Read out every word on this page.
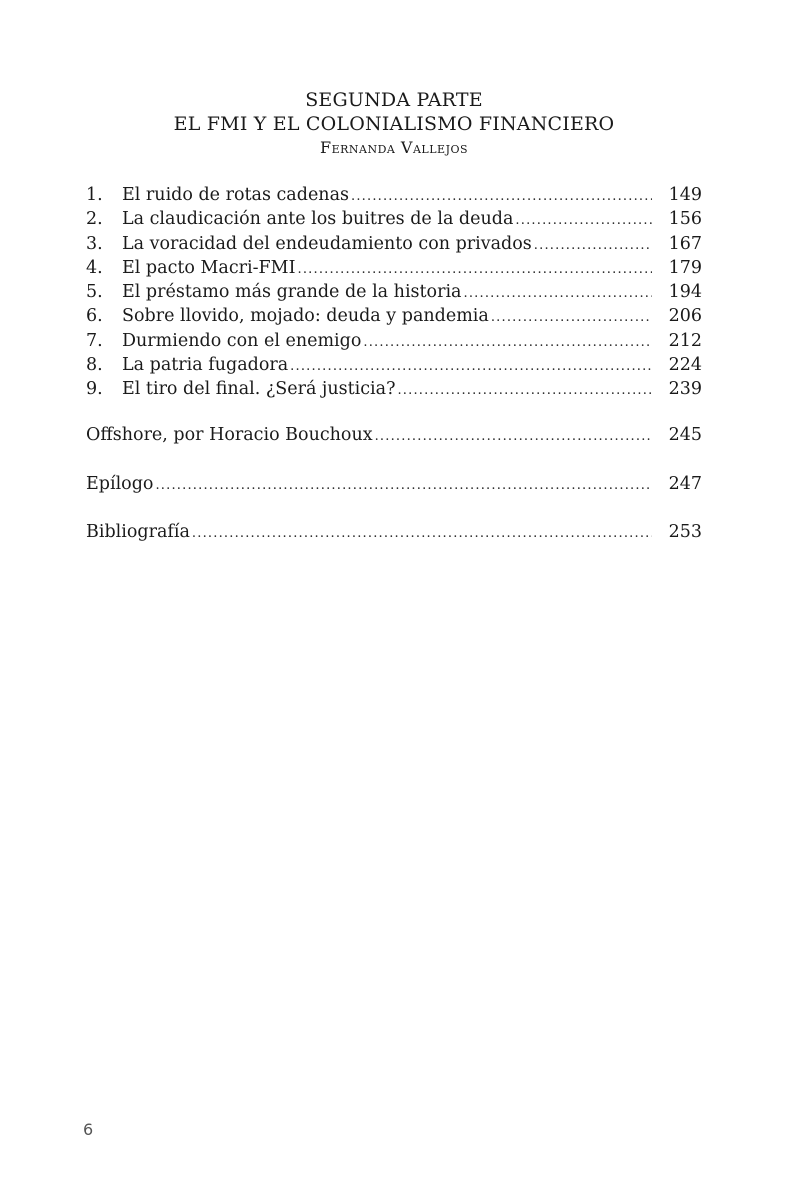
SEGUNDA PARTE
EL FMI Y EL COLONIALISMO FINANCIERO
Fernanda Vallejos
1.	El ruido de rotas cadenas .....	149
2.	La claudicación ante los buitres de la deuda .....	156
3.	La voracidad del endeudamiento con privados .....	167
4.	El pacto Macri-FMI .....	179
5.	El préstamo más grande de la historia .....	194
6.	Sobre llovido, mojado: deuda y pandemia .....	206
7.	Durmiendo con el enemigo .....	212
8.	La patria fugadora .....	224
9.	El tiro del final. ¿Será justicia? .....	239
Offshore, por Horacio Bouchoux .....	245
Epílogo .....	247
Bibliografía .....	253
6
